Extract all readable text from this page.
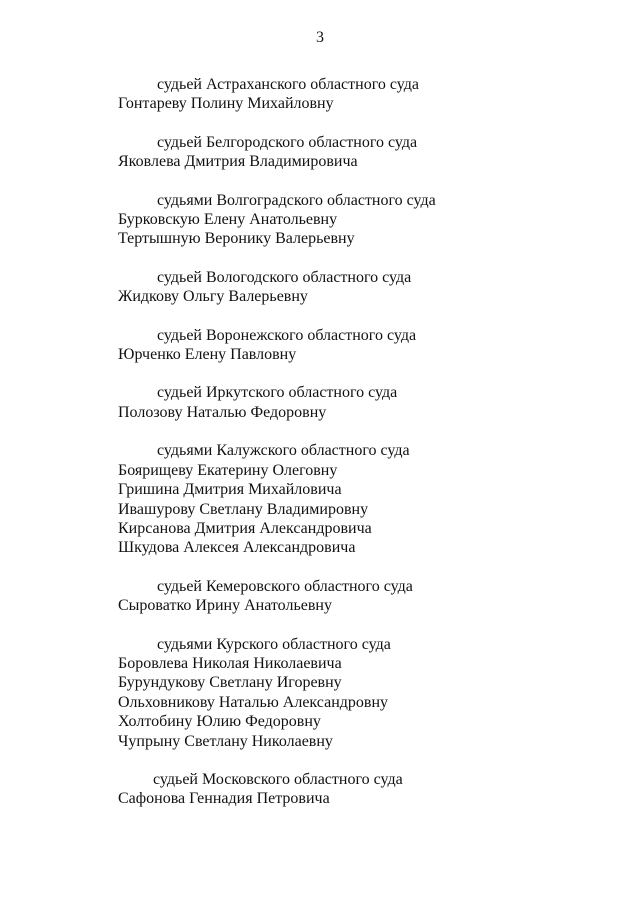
3
судьей Астраханского областного суда
Гонтареву Полину Михайловну
судьей Белгородского областного суда
Яковлева Дмитрия Владимировича
судьями Волгоградского областного суда
Бурковскую Елену Анатольевну
Тертышную Веронику Валерьевну
судьей Вологодского областного суда
Жидкову Ольгу Валерьевну
судьей Воронежского областного суда
Юрченко Елену Павловну
судьей Иркутского областного суда
Полозову Наталью Федоровну
судьями Калужского областного суда
Боярищеву Екатерину Олеговну
Гришина Дмитрия Михайловича
Ивашурову Светлану Владимировну
Кирсанова Дмитрия Александровича
Шкудова Алексея Александровича
судьей Кемеровского областного суда
Сыроватко Ирину Анатольевну
судьями Курского областного суда
Боровлева Николая Николаевича
Бурундукову Светлану Игоревну
Ольховникову Наталью Александровну
Холтобину Юлию Федоровну
Чупрыну Светлану Николаевну
судьей Московского областного суда
Сафонова Геннадия Петровича
